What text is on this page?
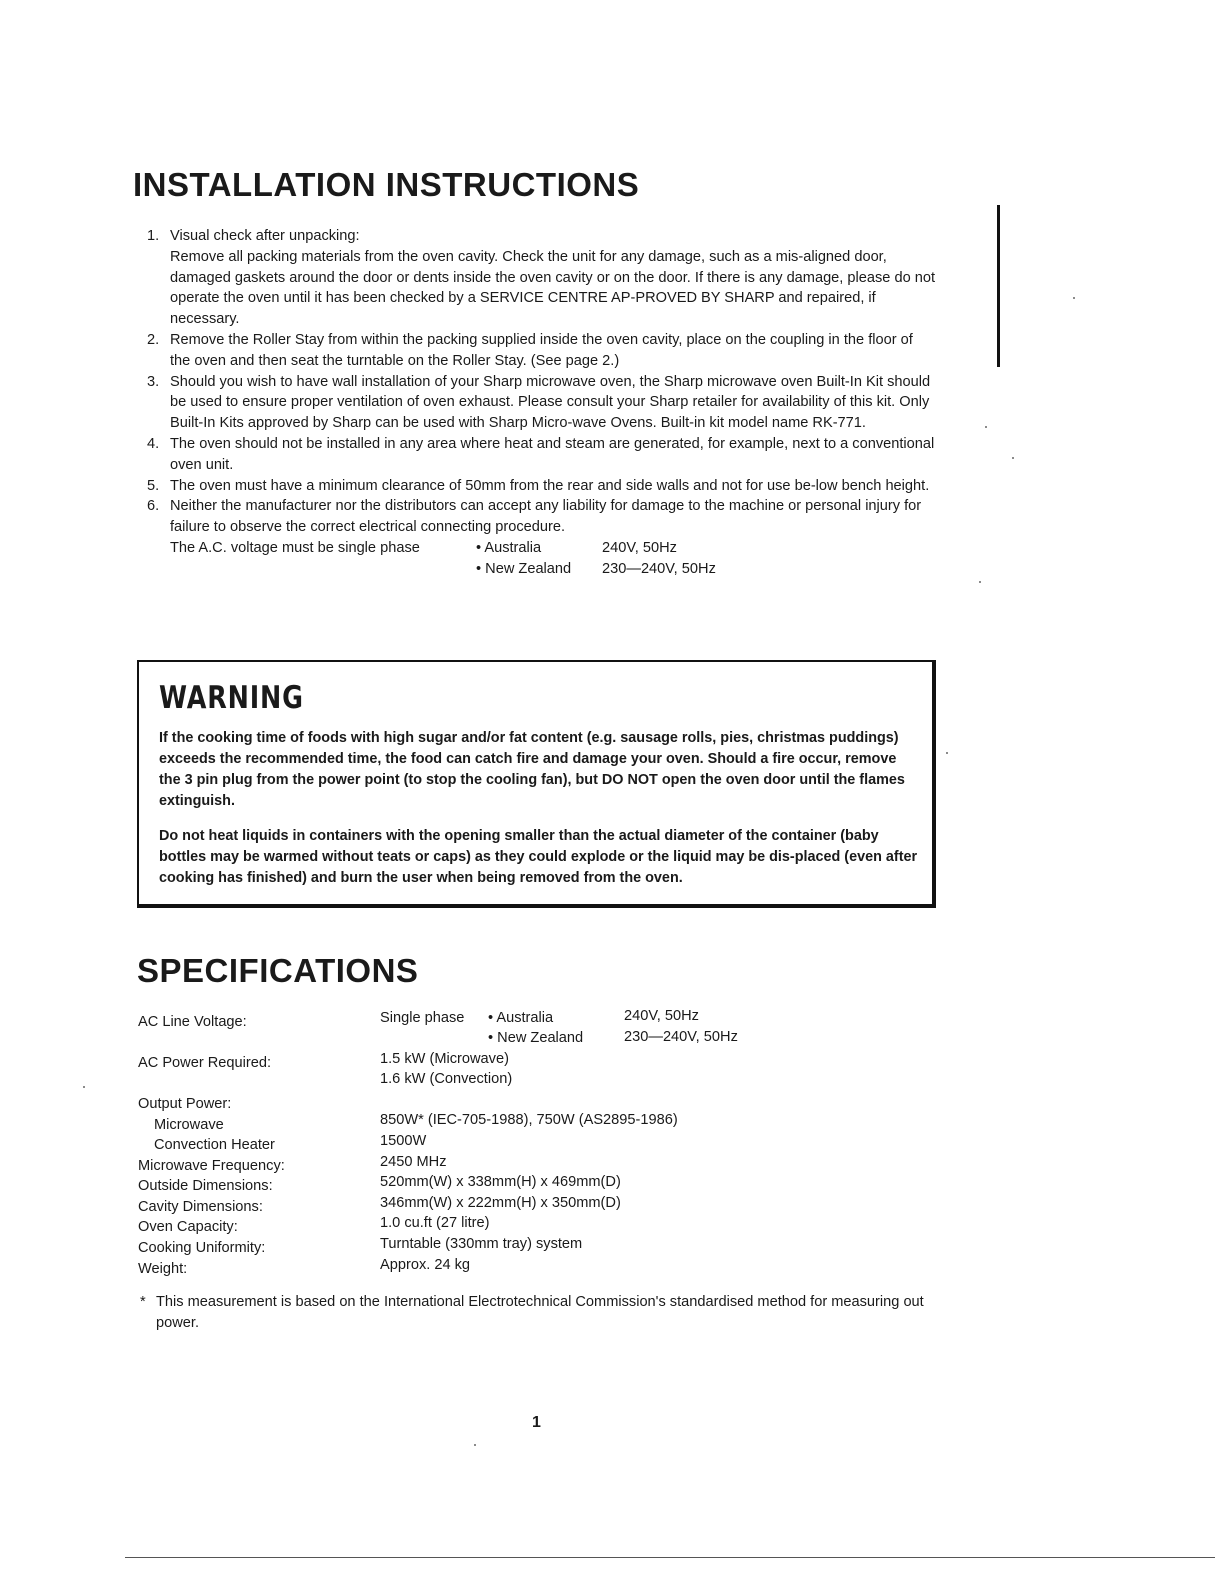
INSTALLATION INSTRUCTIONS
1. Visual check after unpacking:
Remove all packing materials from the oven cavity. Check the unit for any damage, such as a mis-aligned door, damaged gaskets around the door or dents inside the oven cavity or on the door. If there is any damage, please do not operate the oven until it has been checked by a SERVICE CENTRE AP-PROVED BY SHARP and repaired, if necessary.
2. Remove the Roller Stay from within the packing supplied inside the oven cavity, place on the coupling in the floor of the oven and then seat the turntable on the Roller Stay. (See page 2.)
3. Should you wish to have wall installation of your Sharp microwave oven, the Sharp microwave oven Built-In Kit should be used to ensure proper ventilation of oven exhaust. Please consult your Sharp retailer for availability of this kit. Only Built-In Kits approved by Sharp can be used with Sharp Micro-wave Ovens. Built-in kit model name RK-771.
4. The oven should not be installed in any area where heat and steam are generated, for example, next to a conventional oven unit.
5. The oven must have a minimum clearance of 50mm from the rear and side walls and not for use be-low bench height.
6. Neither the manufacturer nor the distributors can accept any liability for damage to the machine or personal injury for failure to observe the correct electrical connecting procedure.
The A.C. voltage must be single phase	• Australia	240V, 50Hz
• New Zealand	230—240V, 50Hz
WARNING

If the cooking time of foods with high sugar and/or fat content (e.g. sausage rolls, pies, christmas puddings) exceeds the recommended time, the food can catch fire and damage your oven. Should a fire occur, remove the 3 pin plug from the power point (to stop the cooling fan), but DO NOT open the oven door until the flames extinguish.

Do not heat liquids in containers with the opening smaller than the actual diameter of the container (baby bottles may be warmed without teats or caps) as they could explode or the liquid may be dis-placed (even after cooking has finished) and burn the user when being removed from the oven.

SPECIFICATIONS
AC Line Voltage:	Single phase • Australia	240V, 50Hz
• New Zealand	230—240V, 50Hz
AC Power Required:	1.5 kW (Microwave)
1.6 kW (Convection)
Output Power:
Microwave	850W* (IEC-705-1988), 750W (AS2895-1986)
Convection Heater	1500W
Microwave Frequency:	2450 MHz
Outside Dimensions:	520mm(W) x 338mm(H) x 469mm(D)
Cavity Dimensions:	346mm(W) x 222mm(H) x 350mm(D)
Oven Capacity:	1.0 cu.ft (27 litre)
Cooking Uniformity:	Turntable (330mm tray) system
Weight:	Approx. 24 kg
* This measurement is based on the International Electrotechnical Commission's standardised method for measuring out power.
1
